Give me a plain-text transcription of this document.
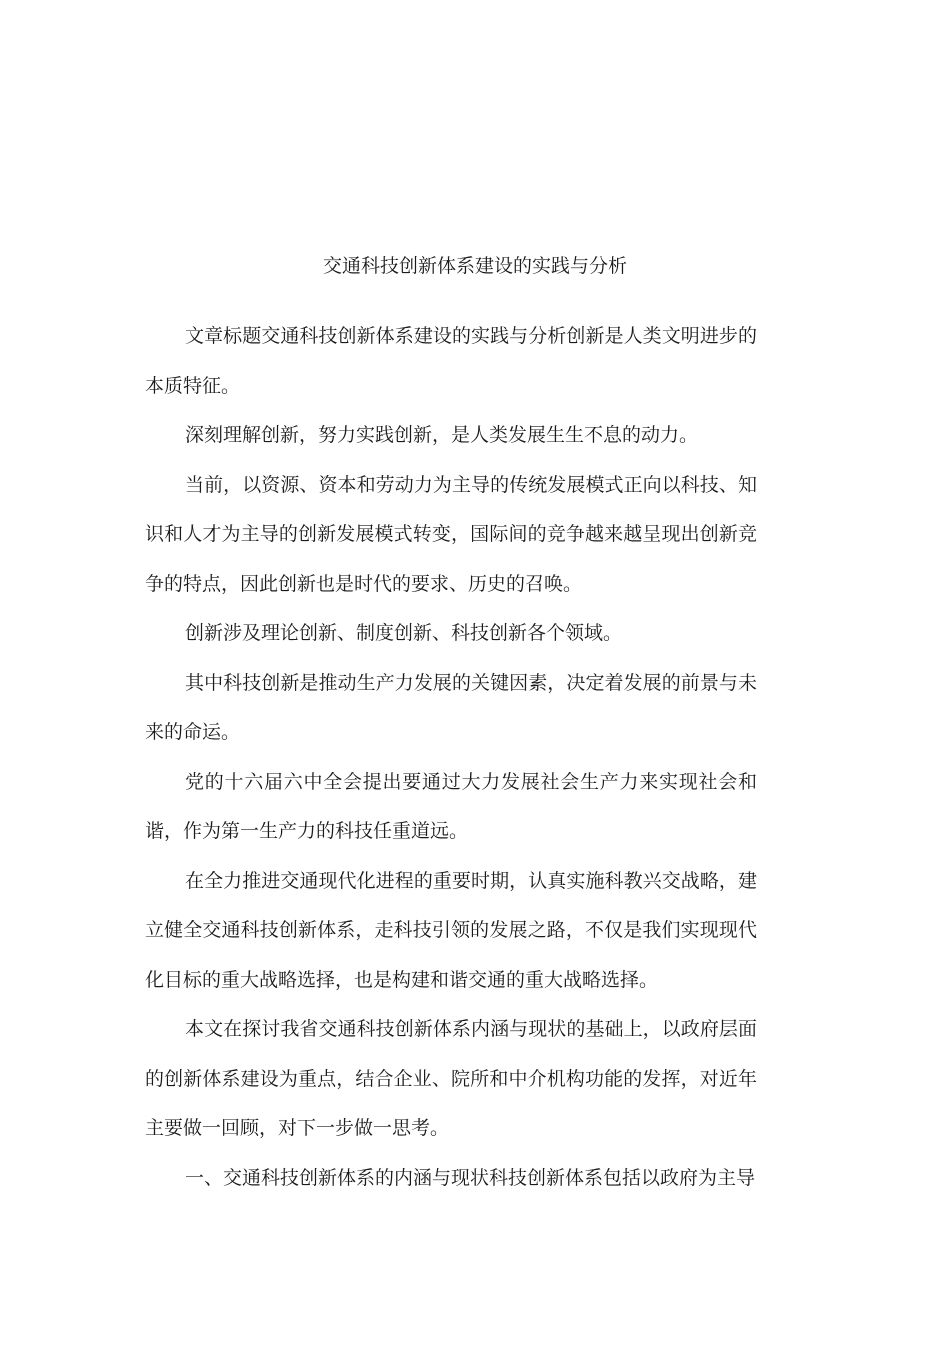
交通科技创新体系建设的实践与分析

文章标题交通科技创新体系建设的实践与分析创新是人类文明进步的本质特征。

深刻理解创新，努力实践创新，是人类发展生生不息的动力。

当前，以资源、资本和劳动力为主导的传统发展模式正向以科技、知识和人才为主导的创新发展模式转变，国际间的竞争越来越呈现出创新竞争的特点，因此创新也是时代的要求、历史的召唤。

创新涉及理论创新、制度创新、科技创新各个领域。

其中科技创新是推动生产力发展的关键因素，决定着发展的前景与未来的命运。

党的十六届六中全会提出要通过大力发展社会生产力来实现社会和谐，作为第一生产力的科技任重道远。

在全力推进交通现代化进程的重要时期，认真实施科教兴交战略，建立健全交通科技创新体系，走科技引领的发展之路，不仅是我们实现现代化目标的重大战略选择，也是构建和谐交通的重大战略选择。

本文在探讨我省交通科技创新体系内涵与现状的基础上，以政府层面的创新体系建设为重点，结合企业、院所和中介机构功能的发挥，对近年主要做一回顾，对下一步做一思考。

一、交通科技创新体系的内涵与现状科技创新体系包括以政府为主导
